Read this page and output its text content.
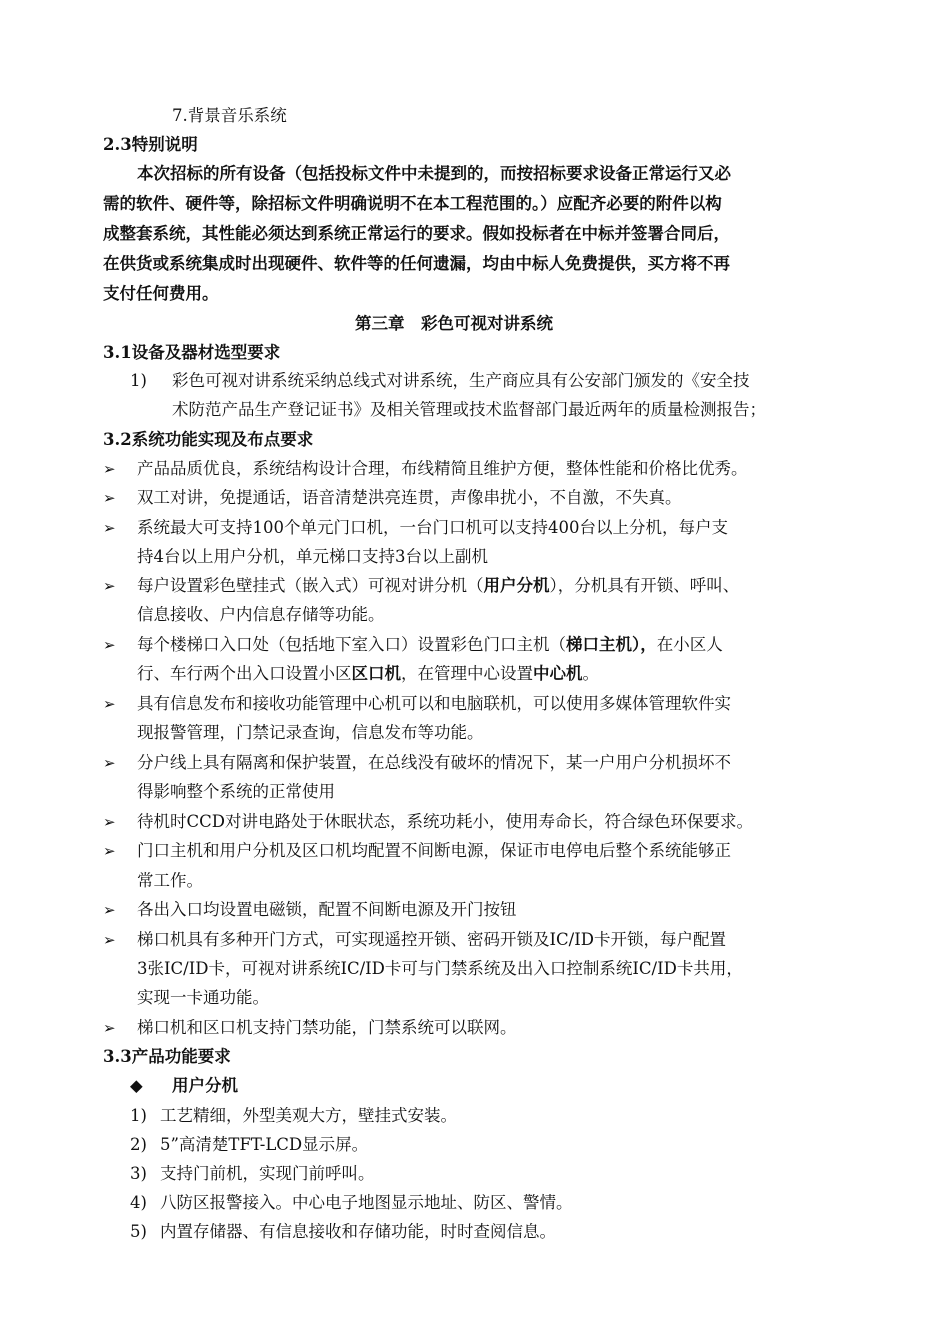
7.背景音乐系统
2.3特别说明
本次招标的所有设备（包括投标文件中未提到的，而按招标要求设备正常运行又必
需的软件、硬件等，除招标文件明确说明不在本工程范围的。）应配齐必要的附件以构
成整套系统，其性能必须达到系统正常运行的要求。假如投标者在中标并签署合同后，
在供货或系统集成时出现硬件、软件等的任何遗漏，均由中标人免费提供，买方将不再
支付任何费用。
第三章　彩色可视对讲系统
3.1设备及器材选型要求
1) 彩色可视对讲系统采纳总线式对讲系统，生产商应具有公安部门颁发的《安全技
术防范产品生产登记证书》及相关管理或技术监督部门最近两年的质量检测报告；
3.2系统功能实现及布点要求
➢ 产品品质优良，系统结构设计合理，布线精简且维护方便，整体性能和价格比优秀。
➢ 双工对讲，免提通话，语音清楚洪亮连贯，声像串扰小，不自激，不失真。
➢ 系统最大可支持100个单元门口机，一台门口机可以支持400台以上分机，每户支
持4台以上用户分机，单元梯口支持3台以上副机
➢ 每户设置彩色壁挂式（嵌入式）可视对讲分机（用户分机），分机具有开锁、呼叫、
信息接收、户内信息存储等功能。
➢ 每个楼梯口入口处（包括地下室入口）设置彩色门口主机（梯口主机），在小区人
行、车行两个出入口设置小区区口机，在管理中心设置中心机。
➢ 具有信息发布和接收功能管理中心机可以和电脑联机，可以使用多媒体管理软件实
现报警管理，门禁记录查询，信息发布等功能。
➢ 分户线上具有隔离和保护装置，在总线没有破坏的情况下，某一户用户分机损坏不
得影响整个系统的正常使用
➢ 待机时CCD对讲电路处于休眠状态，系统功耗小，使用寿命长，符合绿色环保要求。
➢ 门口主机和用户分机及区口机均配置不间断电源，保证市电停电后整个系统能够正
常工作。
➢ 各出入口均设置电磁锁，配置不间断电源及开门按钮
➢ 梯口机具有多种开门方式，可实现遥控开锁、密码开锁及IC/ID卡开锁，每户配置
3张IC/ID卡，可视对讲系统IC/ID卡可与门禁系统及出入口控制系统IC/ID卡共用，
实现一卡通功能。
➢ 梯口机和区口机支持门禁功能，门禁系统可以联网。
3.3产品功能要求
◆ 用户分机
1) 工艺精细，外型美观大方，壁挂式安装。
2) 5”高清楚TFT-LCD显示屏。
3) 支持门前机，实现门前呼叫。
4) 八防区报警接入。中心电子地图显示地址、防区、警情。
5) 内置存储器、有信息接收和存储功能，时时查阅信息。
